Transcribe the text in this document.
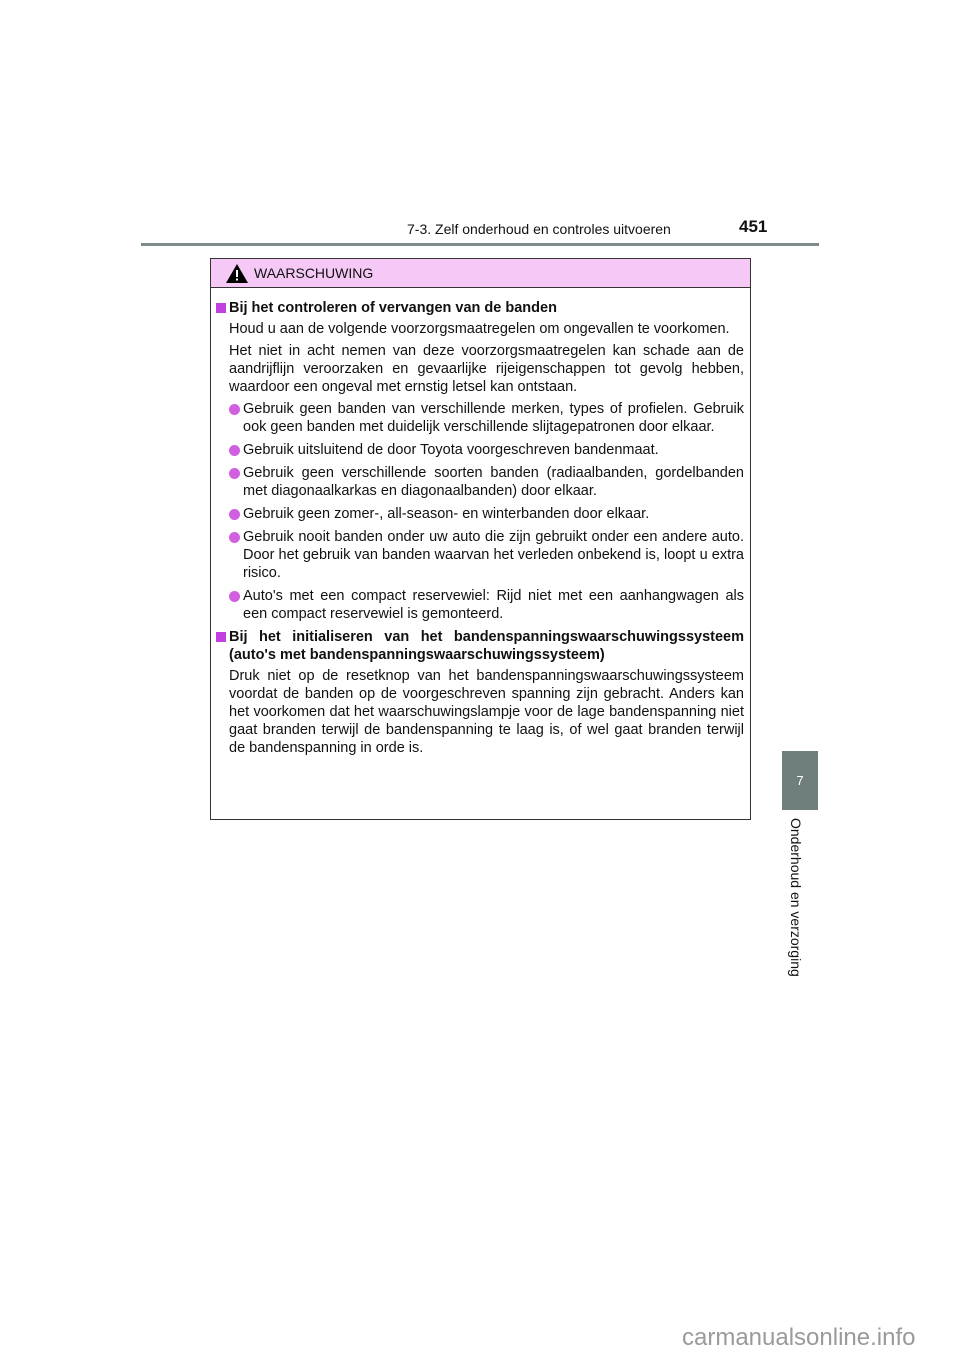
7-3. Zelf onderhoud en controles uitvoeren	451
WAARSCHUWING
Bij het controleren of vervangen van de banden
Houd u aan de volgende voorzorgsmaatregelen om ongevallen te voorkomen.
Het niet in acht nemen van deze voorzorgsmaatregelen kan schade aan de aandrijflijn veroorzaken en gevaarlijke rijeigenschappen tot gevolg hebben, waardoor een ongeval met ernstig letsel kan ontstaan.
Gebruik geen banden van verschillende merken, types of profielen. Gebruik ook geen banden met duidelijk verschillende slijtagepatronen door elkaar.
Gebruik uitsluitend de door Toyota voorgeschreven bandenmaat.
Gebruik geen verschillende soorten banden (radiaalbanden, gordelbanden met diagonaalkarkas en diagonaalbanden) door elkaar.
Gebruik geen zomer-, all-season- en winterbanden door elkaar.
Gebruik nooit banden onder uw auto die zijn gebruikt onder een andere auto. Door het gebruik van banden waarvan het verleden onbekend is, loopt u extra risico.
Auto's met een compact reservewiel: Rijd niet met een aanhangwagen als een compact reservewiel is gemonteerd.
Bij het initialiseren van het bandenspanningswaarschuwingssysteem (auto's met bandenspanningswaarschuwingssysteem)
Druk niet op de resetknop van het bandenspanningswaarschuwingssysteem voordat de banden op de voorgeschreven spanning zijn gebracht. Anders kan het voorkomen dat het waarschuwingslampje voor de lage bandenspanning niet gaat branden terwijl de bandenspanning te laag is, of wel gaat branden terwijl de bandenspanning in orde is.
7
Onderhoud en verzorging
carmanualsonline.info
